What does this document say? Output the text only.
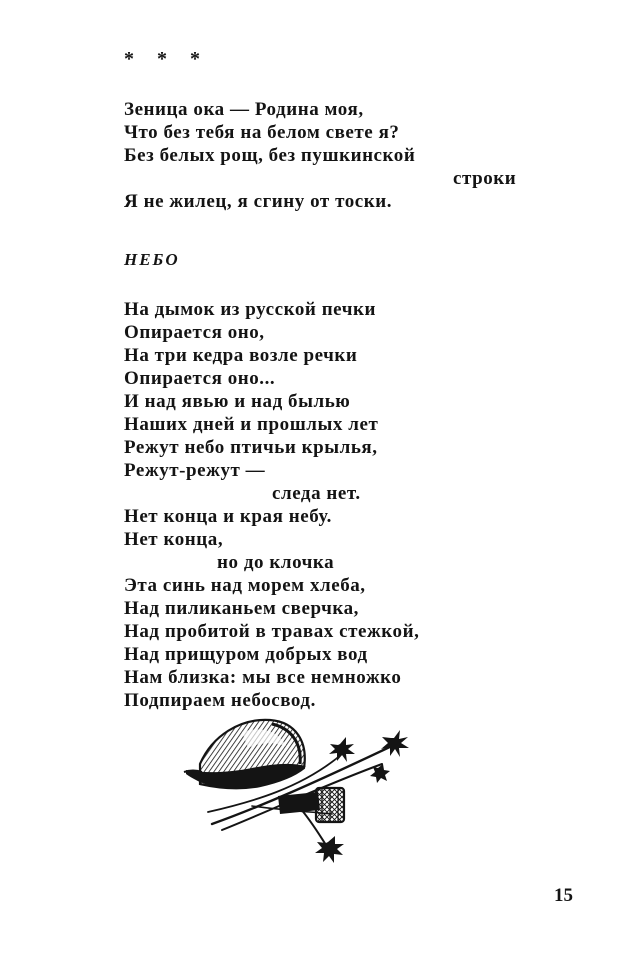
* * *
Зеница ока — Родина моя,
Что без тебя на белом свете я?
Без белых рощ, без пушкинской
строки
Я не жилец, я сгину от тоски.
НЕБО
На дымок из русской печки
Опирается оно,
На три кедра возле речки
Опирается оно...
И над явью и над былью
Наших дней и прошлых лет
Режут небо птичьи крылья,
Режут-режут —
следа нет.
Нет конца и края небу.
Нет конца,
но до клочка
Эта синь над морем хлеба,
Над пиликаньем сверчка,
Над пробитой в травах стежкой,
Над прищуром добрых вод
Нам близка: мы все немножко
Подпираем небосвод.
15
